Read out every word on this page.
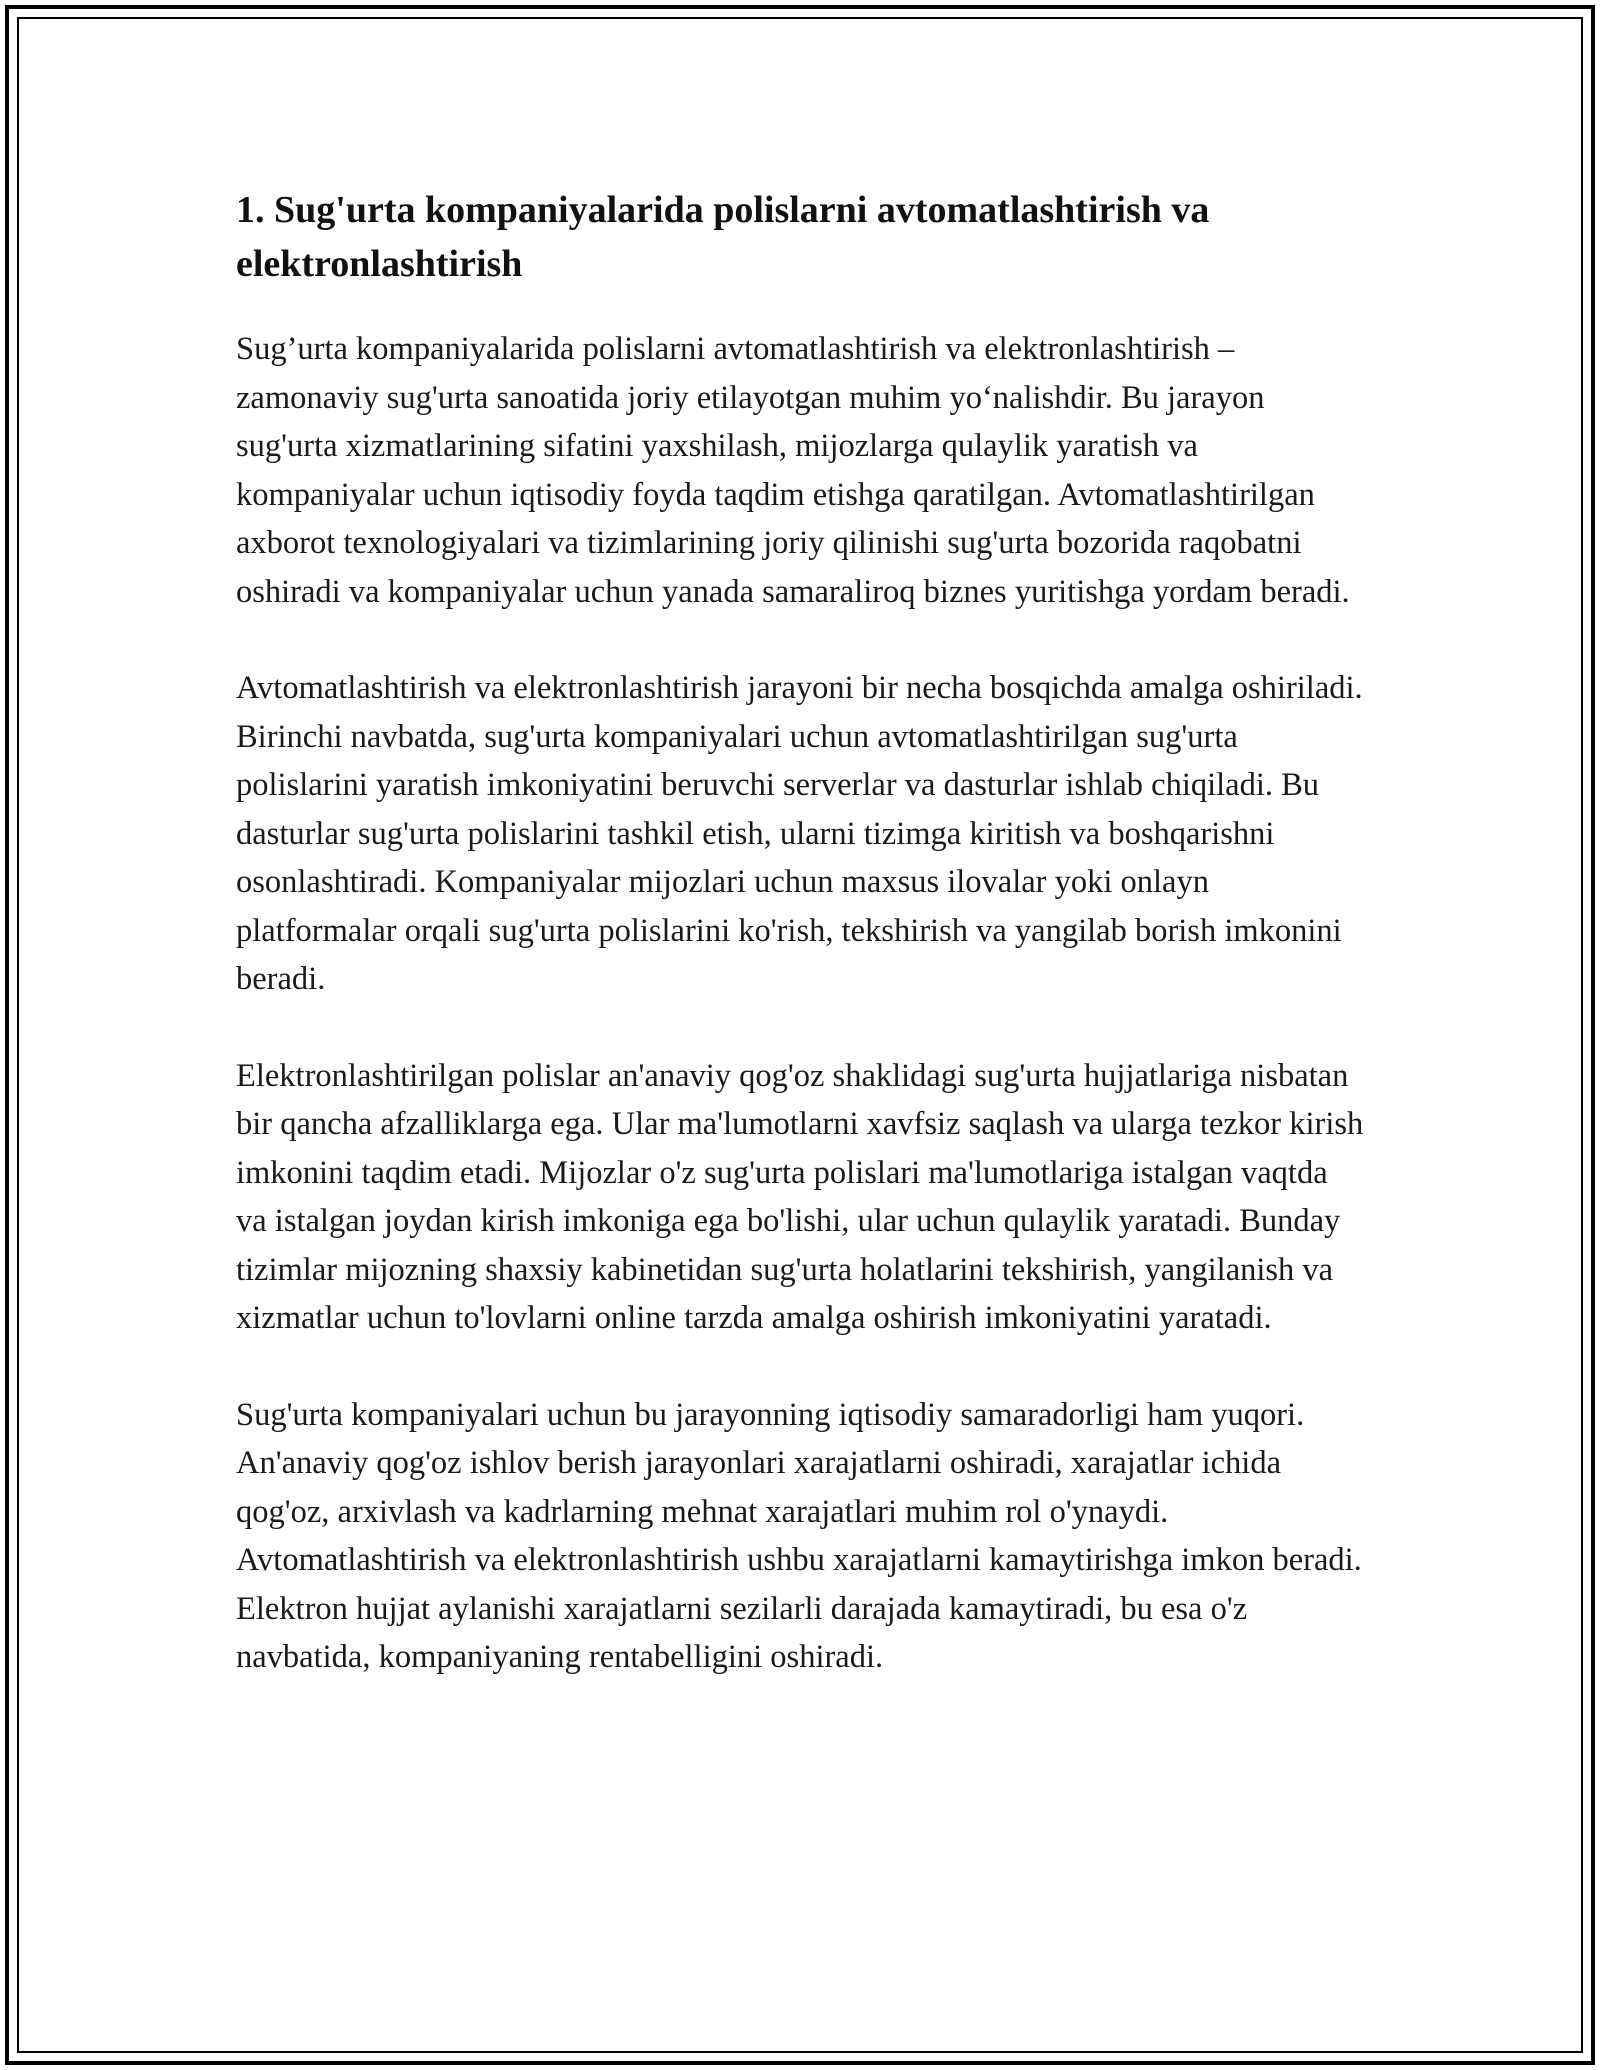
1. Sug'urta kompaniyalarida polislarni avtomatlashtirish va elektronlashtirish

Sug’urta kompaniyalarida polislarni avtomatlashtirish va elektronlashtirish – zamonaviy sug'urta sanoatida joriy etilayotgan muhim yo‘nalishdir. Bu jarayon sug'urta xizmatlarining sifatini yaxshilash, mijozlarga qulaylik yaratish va kompaniyalar uchun iqtisodiy foyda taqdim etishga qaratilgan. Avtomatlashtirilgan axborot texnologiyalari va tizimlarining joriy qilinishi sug'urta bozorida raqobatni oshiradi va kompaniyalar uchun yanada samaraliroq biznes yuritishga yordam beradi.

Avtomatlashtirish va elektronlashtirish jarayoni bir necha bosqichda amalga oshiriladi. Birinchi navbatda, sug'urta kompaniyalari uchun avtomatlashtirilgan sug'urta polislarini yaratish imkoniyatini beruvchi serverlar va dasturlar ishlab chiqiladi. Bu dasturlar sug'urta polislarini tashkil etish, ularni tizimga kiritish va boshqarishni osonlashtiradi. Kompaniyalar mijozlari uchun maxsus ilovalar yoki onlayn platformalar orqali sug'urta polislarini ko'rish, tekshirish va yangilab borish imkonini beradi.

Elektronlashtirilgan polislar an'anaviy qog'oz shaklidagi sug'urta hujjatlariga nisbatan bir qancha afzalliklarga ega. Ular ma'lumotlarni xavfsiz saqlash va ularga tezkor kirish imkonini taqdim etadi. Mijozlar o'z sug'urta polislari ma'lumotlariga istalgan vaqtda va istalgan joydan kirish imkoniga ega bo'lishi, ular uchun qulaylik yaratadi. Bunday tizimlar mijozning shaxsiy kabinetidan sug'urta holatlarini tekshirish, yangilanish va xizmatlar uchun to'lovlarni online tarzda amalga oshirish imkoniyatini yaratadi.

Sug'urta kompaniyalari uchun bu jarayonning iqtisodiy samaradorligi ham yuqori. An'anaviy qog'oz ishlov berish jarayonlari xarajatlarni oshiradi, xarajatlar ichida qog'oz, arxivlash va kadrlarning mehnat xarajatlari muhim rol o'ynaydi. Avtomatlashtirish va elektronlashtirish ushbu xarajatlarni kamaytirishga imkon beradi. Elektron hujjat aylanishi xarajatlarni sezilarli darajada kamaytiradi, bu esa o'z navbatida, kompaniyaning rentabelligini oshiradi.
